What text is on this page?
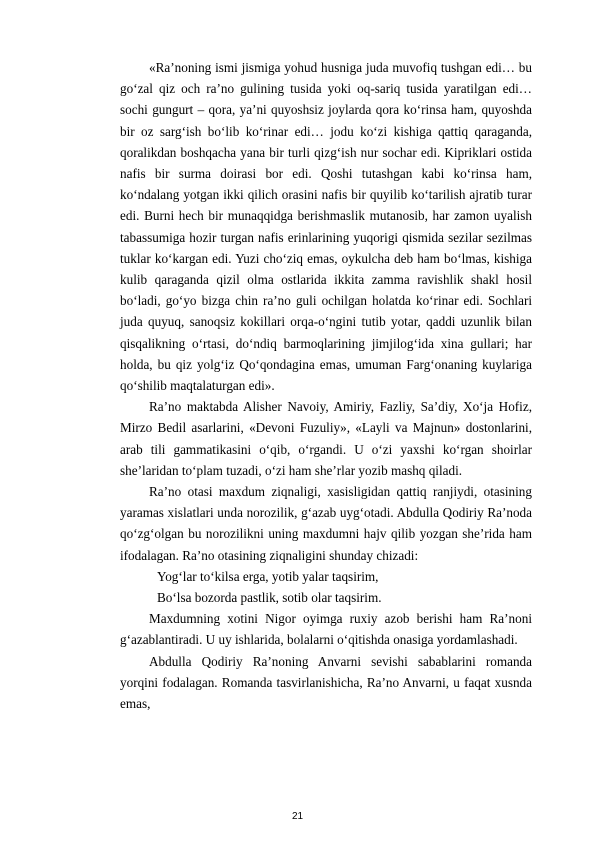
«Ra’noning ismi jismiga yohud husniga juda muvofiq tushgan edi… bu go‘zal qiz och ra’no gulining tusida yoki oq-sariq tusida yaratilgan edi…sochi gungurt – qora, ya’ni quyoshsiz joylarda qora ko‘rinsa ham, quyoshda bir oz sarg‘ish bo‘lib ko‘rinar edi… jodu ko‘zi kishiga qattiq qaraganda, qoralikdan boshqacha yana bir turli qizg‘ish nur sochar edi. Kipriklari ostida nafis bir surma doirasi bor edi. Qoshi tutashgan kabi ko‘rinsa ham, ko‘ndalang yotgan ikki qilich orasini nafis bir quyilib ko‘tarilish ajratib turar edi. Burni hech bir munaqqidga berishmaslik mutanosib, har zamon uyalish tabassumiga hozir turgan nafis erinlarining yuqorigi qismida sezilar sezilmas tuklar ko‘kargan edi. Yuzi cho‘ziq emas, oykulcha deb ham bo‘lmas, kishiga kulib qaraganda qizil olma ostlarida ikkita zamma ravishlik shakl hosil bo‘ladi, go‘yo bizga chin ra’no guli ochilgan holatda ko‘rinar edi. Sochlari juda quyuq, sanoqsiz kokillari orqa-o‘ngini tutib yotar, qaddi uzunlik bilan qisqalikning o‘rtasi, do‘ndiq barmoqlarining jimjilog‘ida xina gullari; har holda, bu qiz yolg‘iz Qo‘qondagina emas, umuman Farg‘onaning kuylariga qo‘shilib maqtalaturgan edi».

Ra’no maktabda Alisher Navoiy, Amiriy, Fazliy, Sa’diy, Xo‘ja Hofiz, Mirzo Bedil asarlarini, «Devoni Fuzuliy», «Layli va Majnun» dostonlarini, arab tili gammatikasini o‘qib, o‘rgandi. U o‘zi yaxshi ko‘rgan shoirlar she’laridan to‘plam tuzadi, o‘zi ham she’rlar yozib mashq qiladi.

Ra’no otasi maxdum ziqnaligi, xasisligidan qattiq ranjiydi, otasining yaramas xislatlari unda norozilik, g‘azab uyg‘otadi. Abdulla Qodiriy Ra’noda qo‘zg‘olgan bu norozilikni uning maxdumni hajv qilib yozgan she’rida ham ifodalagan. Ra’no otasining ziqnaligini shunday chizadi:

Yog‘lar to‘kilsa erga, yotib yalar taqsirim,

Bo‘lsa bozorda pastlik, sotib olar taqsirim.

Maxdumning xotini Nigor oyimga ruxiy azob berishi ham Ra’noni g‘azablantiradi. U uy ishlarida, bolalarni o‘qitishda onasiga yordamlashadi.

Abdulla Qodiriy Ra’noning Anvarni sevishi sabablarini romanda yorqini fodalagan. Romanda tasvirlanishicha, Ra’no Anvarni, u faqat xusnda emas,

21
